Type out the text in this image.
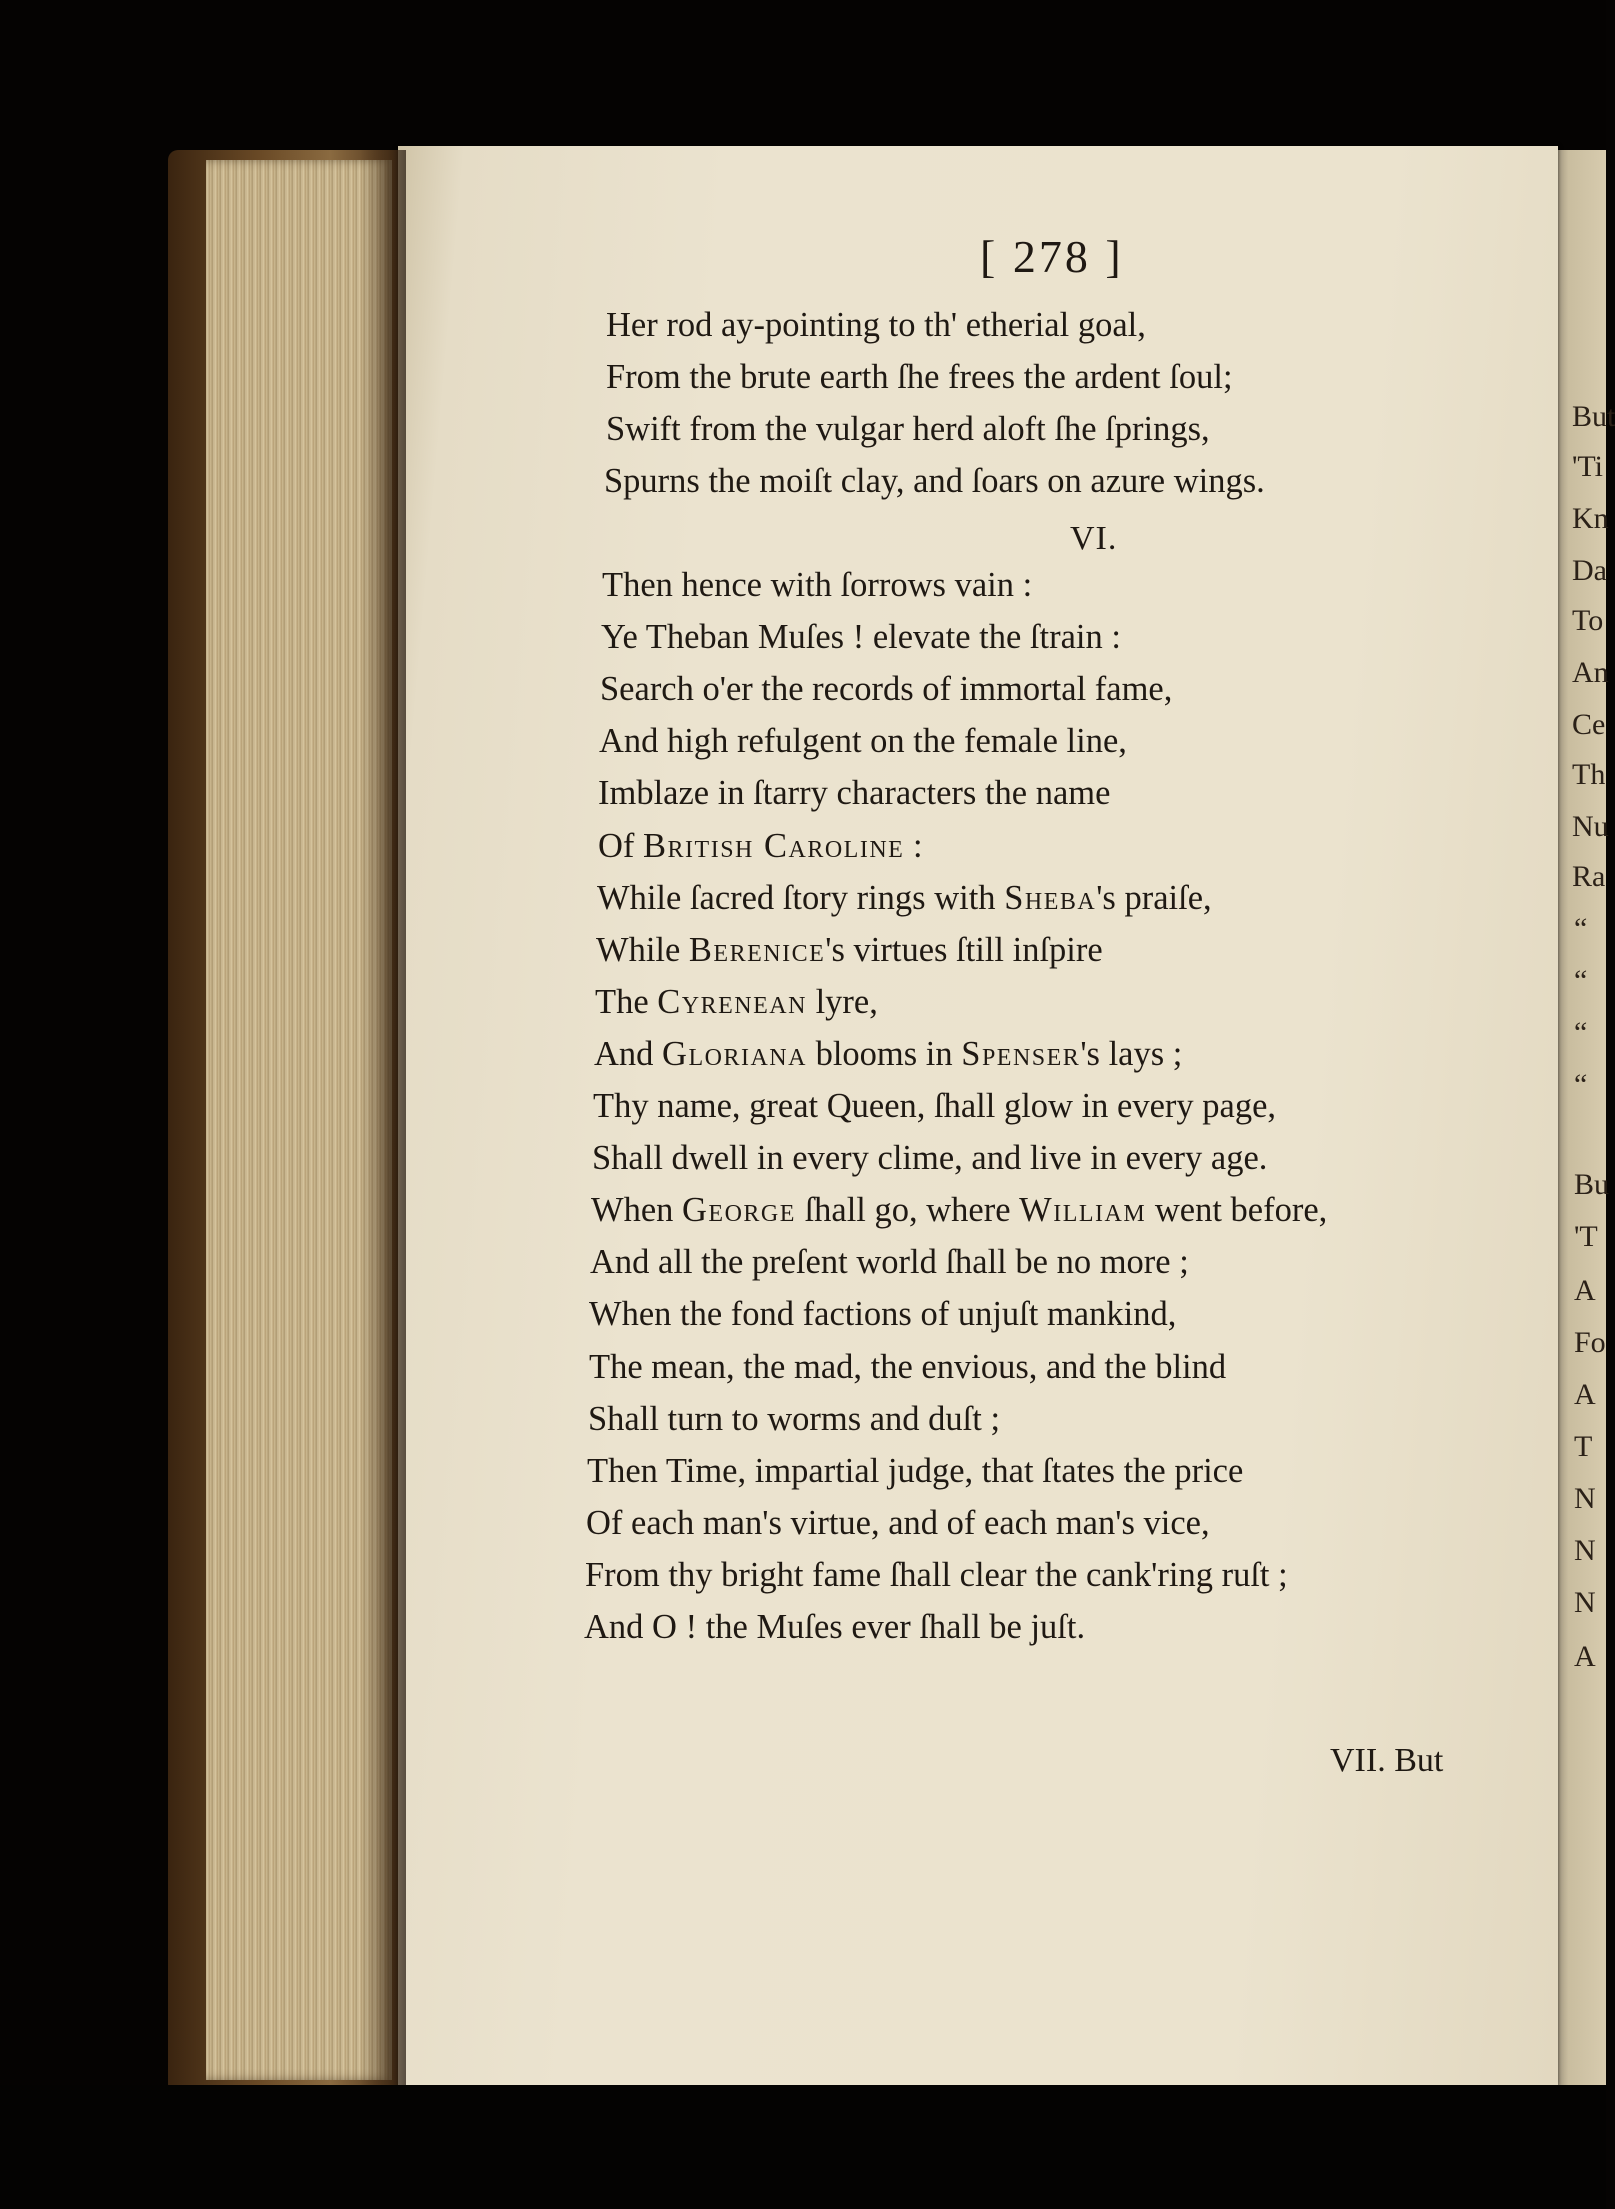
But
'Ti
Kn
Da
To
An
Ce
Th
Nu
Ra
“
“
“
“
Bu
'T
A
Fo
A
T
N
N
N
A
[ 278 ]
Her rod ay-pointing to th' etherial goal,
From the brute earth ſhe frees the ardent ſoul;
Swift from the vulgar herd aloft ſhe ſprings,
Spurns the moiſt clay, and ſoars on azure wings.
Then hence with ſorrows vain :
Ye Theban Muſes ! elevate the ſtrain :
Search o'er the records of immortal fame,
And high refulgent on the female line,
Imblaze in ſtarry characters the name
Of British Caroline :
While ſacred ſtory rings with Sheba's praiſe,
While Berenice's virtues ſtill inſpire
The Cyrenean lyre,
And Gloriana blooms in Spenser's lays ;
Thy name, great Queen, ſhall glow in every page,
Shall dwell in every clime, and live in every age.
When George ſhall go, where William went before,
And all the preſent world ſhall be no more ;
When the fond factions of unjuſt mankind,
The mean, the mad, the envious, and the blind
Shall turn to worms and duſt ;
Then Time, impartial judge, that ſtates the price
Of each man's virtue, and of each man's vice,
From thy bright fame ſhall clear the cank'ring ruſt ;
And O ! the Muſes ever ſhall be juſt.
VI.
VII. But
